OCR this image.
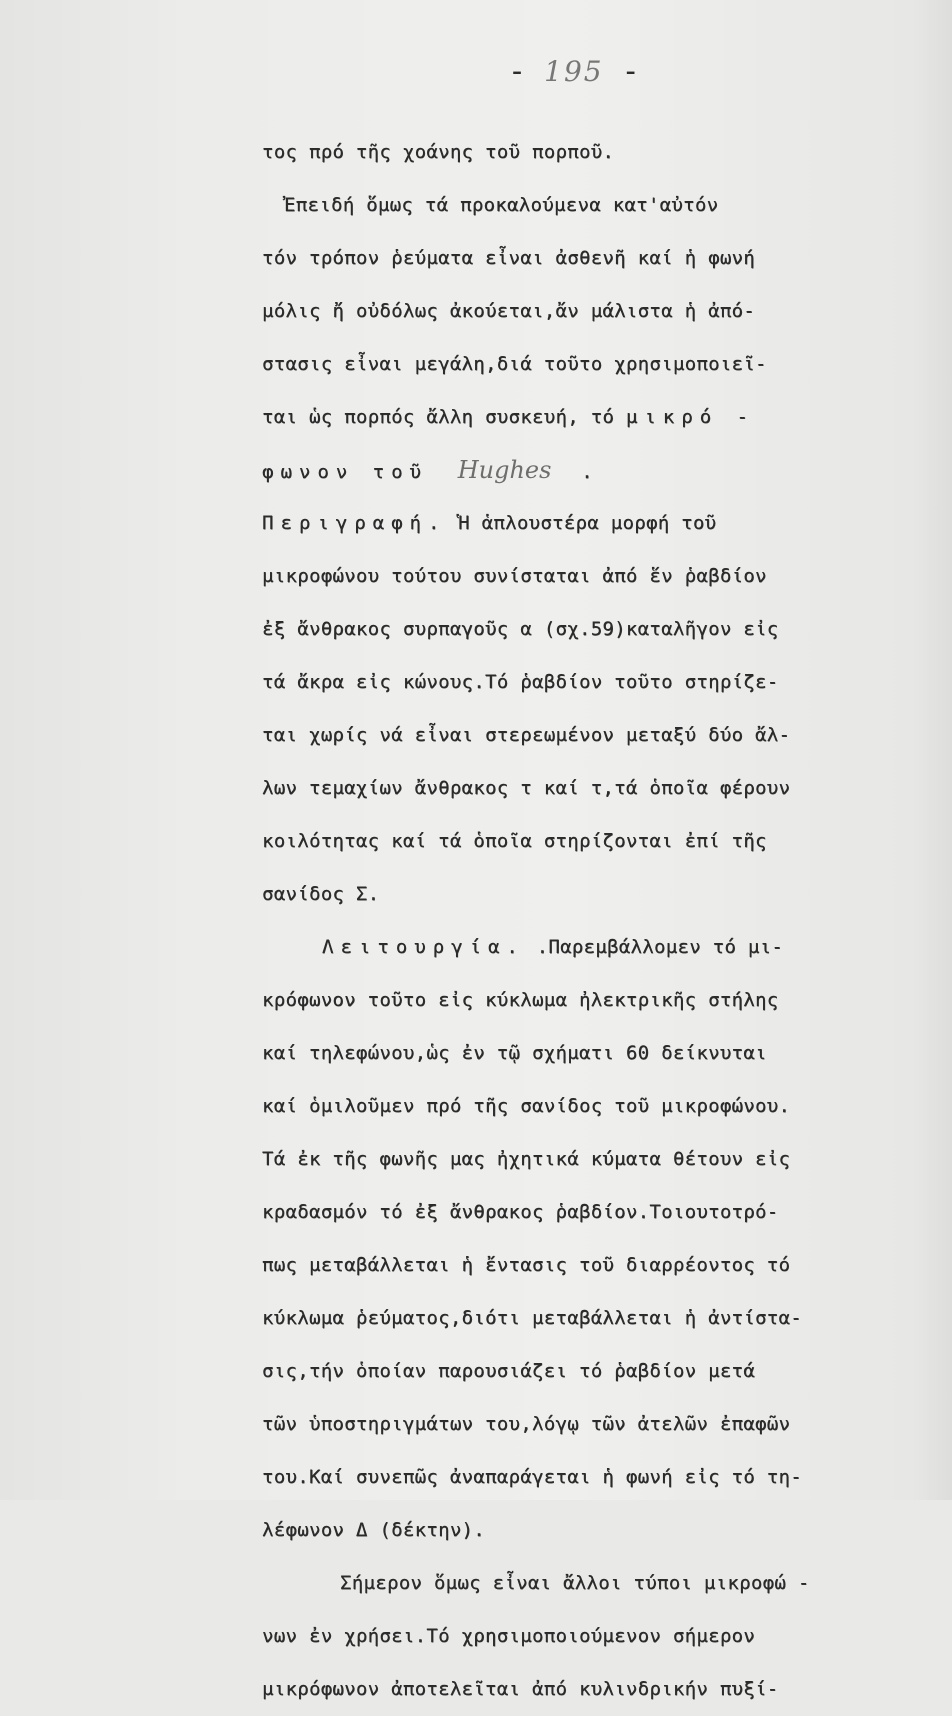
- 195 -
τος πρό τῆς χοάνης τοῦ πορποῦ.
Ἐπειδή ὅμως τά προκαλούμενα κατ'αὐτόν
τόν τρόπον ῥεύματα εἶναι ἀσθενῆ καί ἡ φωνή
μόλις ἤ οὐδόλως ἀκούεται,ἄν μάλιστα ἡ ἀπό-
στασις εἶναι μεγάλη,διά τοῦτο χρησιμοποιεῖ-
ται ὡς πορπός ἄλλη συσκευή, τό μικρό -
φωνον τοῦ Hughes .
Περιγραφή. Ἡ ἁπλουστέρα μορφή τοῦ
μικροφώνου τούτου συνίσταται ἀπό ἕν ῥαβδίον
ἐξ ἄνθρακος συρπαγοῦς α (σχ.59)καταλῆγον εἰς
τά ἄκρα εἰς κώνους.Τό ῥαβδίον τοῦτο στηρίζε-
ται χωρίς νά εἶναι στερεωμένον μεταξύ δύο ἄλ-
λων τεμαχίων ἄνθρακος τ καί τ,τά ὁποῖα φέρουν
κοιλότητας καί τά ὁποῖα στηρίζονται ἐπί τῆς
σανίδος Σ.
Λειτουργία. .Παρεμβάλλομεν τό μι-
κρόφωνον τοῦτο εἰς κύκλωμα ἠλεκτρικῆς στήλης
καί τηλεφώνου,ὡς ἐν τῷ σχήματι 60 δείκνυται
καί ὁμιλοῦμεν πρό τῆς σανίδος τοῦ μικροφώνου.
Τά ἐκ τῆς φωνῆς μας ἠχητικά κύματα θέτουν εἰς
κραδασμόν τό ἐξ ἄνθρακος ῥαβδίον.Τοιουτοτρό-
πως μεταβάλλεται ἡ ἔντασις τοῦ διαρρέοντος τό
κύκλωμα ῥεύματος,διότι μεταβάλλεται ἡ ἀντίστα-
σις,τήν ὁποίαν παρουσιάζει τό ῥαβδίον μετά
τῶν ὑποστηριγμάτων του,λόγῳ τῶν ἀτελῶν ἐπαφῶν
του.Καί συνεπῶς ἀναπαράγεται ἡ φωνή εἰς τό τη-
λέφωνον Δ (δέκτην).
Σήμερον ὅμως εἶναι ἄλλοι τύποι μικροφώ -
νων ἐν χρήσει.Τό χρησιμοποιούμενον σήμερον
μικρόφωνον ἀποτελεῖται ἀπό κυλινδρικήν πυξί-
